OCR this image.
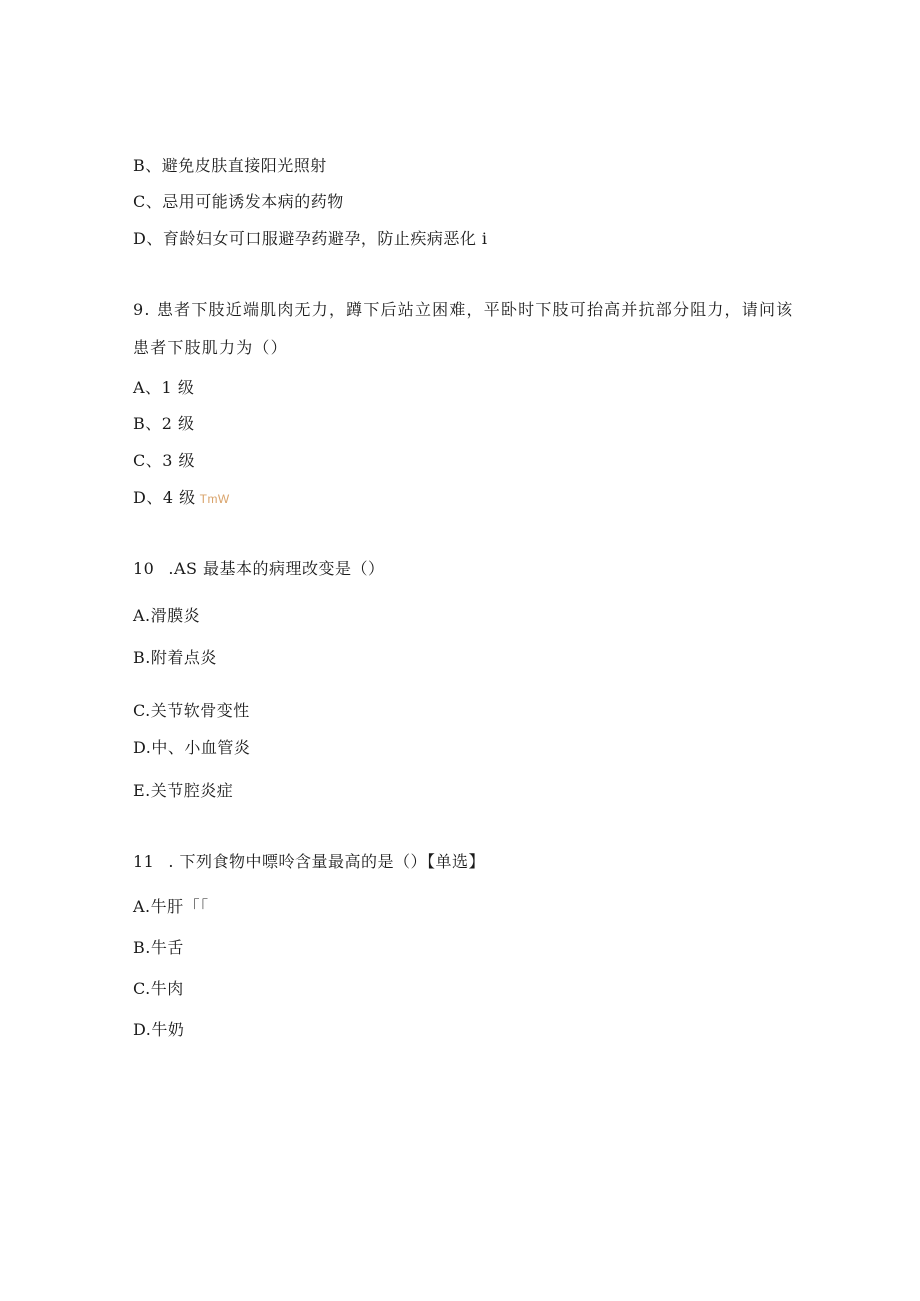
B、避免皮肤直接阳光照射
C、忌用可能诱发本病的药物
D、育龄妇女可口服避孕药避孕，防止疾病恶化 i
9. 患者下肢近端肌肉无力，蹲下后站立困难，平卧时下肢可抬高并抗部分阻力，请问该
患者下肢肌力为（）
A、1 级
B、2 级
C、3 级
D、4 级 TmW
10 .AS 最基本的病理改变是（）
A.滑膜炎
B.附着点炎
C.关节软骨变性
D.中、小血管炎
E.关节腔炎症
11 . 下列食物中嘌呤含量最高的是（）【单选】
A.牛肝「「
B.牛舌
C.牛肉
D.牛奶
